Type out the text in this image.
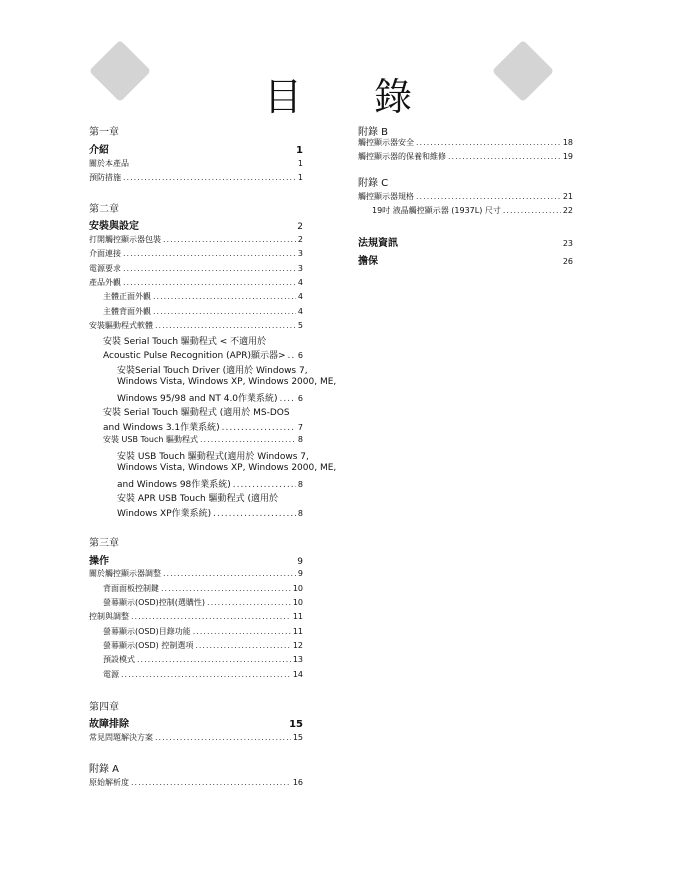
目 錄
第一章
介紹	1
關於本產品	1
預防措施 .....	1
第二章
安裝與設定	2
打開觸控顯示器包裝 .....	2
介面連接 .....	3
電源要求 .....	3
產品外觀 .....	4
主體正面外觀 .....	4
主體背面外觀 .....	4
安裝驅動程式軟體 .....	5
安裝 Serial Touch 驅動程式 < 不適用於
Acoustic Pulse Recognition (APR)顯示器> ..... 6
安裝Serial Touch Driver (適用於 Windows 7,
Windows Vista, Windows XP, Windows 2000, ME,
Windows 95/98 and NT 4.0作業系統) .....	6
安裝 Serial Touch 驅動程式 (適用於 MS-DOS
and Windows 3.1作業系統) .....	7
安裝 USB Touch 驅動程式 .....	8
安裝 USB Touch 驅動程式(適用於 Windows 7,
Windows Vista, Windows XP, Windows 2000, ME,
and Windows 98作業系統) .....	8
安裝 APR USB Touch 驅動程式 (適用於
Windows XP作業系統) .....	8
第三章
操作	9
關於觸控顯示器調整 .....	9
背面面板控制鍵 .....	10
螢幕顯示(OSD)控制(選購性) .....	10
控制與調整 .....	11
螢幕顯示(OSD)目錄功能 .....	11
螢幕顯示(OSD) 控制選項 .....	12
預設模式 .....	13
電源 .....	14
第四章
故障排除	15
常見問題解決方案 .....	15
附錄 A
原始解析度 .....	16
附錄 B
觸控顯示器安全 .....	18
觸控顯示器的保養和維修 .....	19
附錄 C
觸控顯示器規格 .....	21
19吋 液晶觸控顯示器 (1937L) 尺寸 .....	22
法規資訊	23
擔保	26
